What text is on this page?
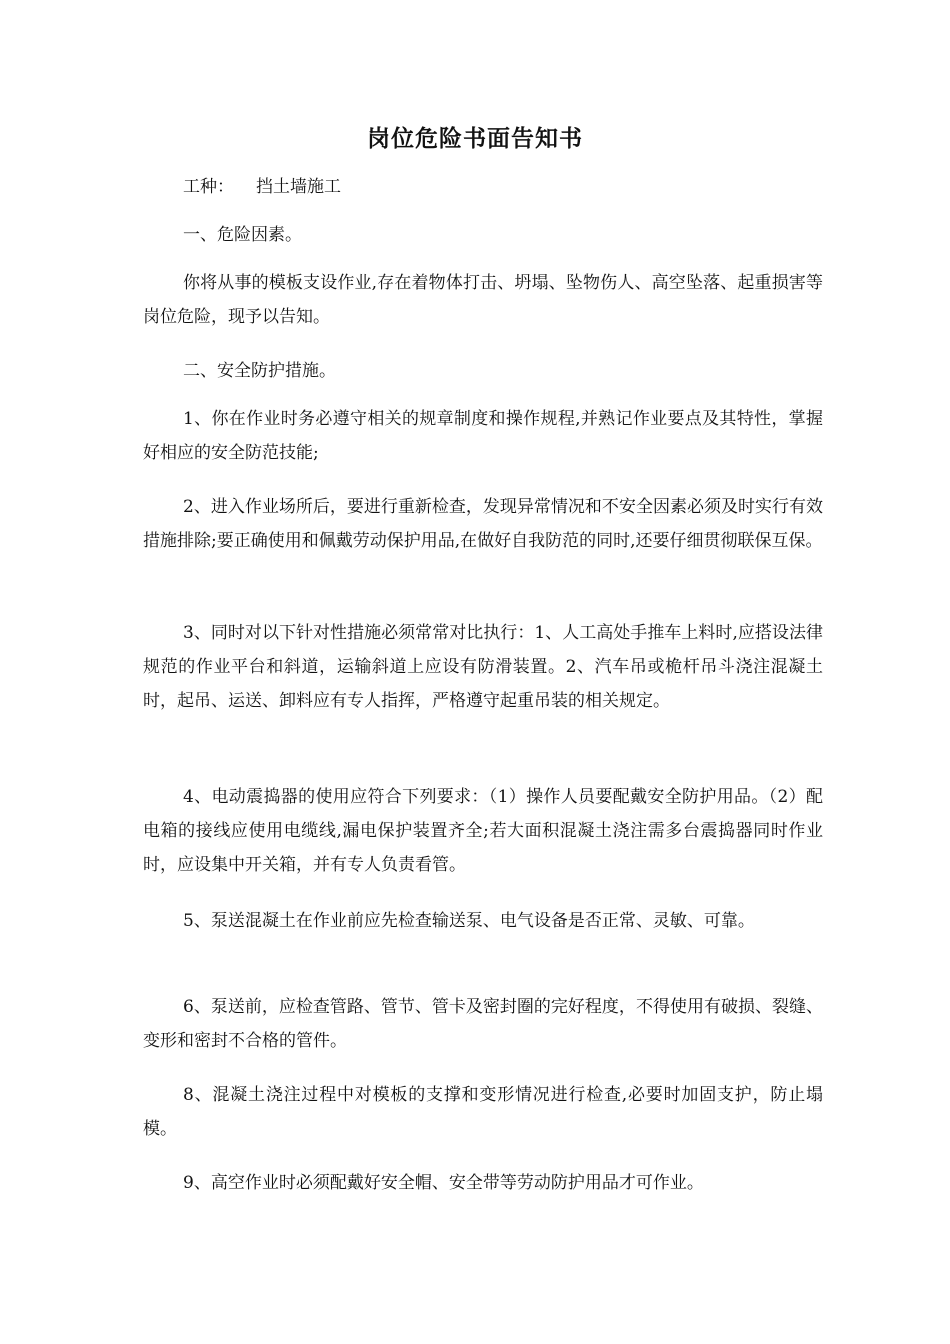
岗位危险书面告知书

工种： 挡土墙施工

一、危险因素。

你将从事的模板支设作业,存在着物体打击、坍塌、坠物伤人、高空坠落、起重损害等岗位危险，现予以告知。

二、安全防护措施。

1、你在作业时务必遵守相关的规章制度和操作规程,并熟记作业要点及其特性，掌握好相应的安全防范技能;

2、进入作业场所后，要进行重新检查，发现异常情况和不安全因素必须及时实行有效措施排除;要正确使用和佩戴劳动保护用品,在做好自我防范的同时,还要仔细贯彻联保互保。

3、同时对以下针对性措施必须常常对比执行：1、人工高处手推车上料时,应搭设法律规范的作业平台和斜道，运输斜道上应设有防滑装置。2、汽车吊或桅杆吊斗浇注混凝土时，起吊、运送、卸料应有专人指挥，严格遵守起重吊装的相关规定。

4、电动震捣器的使用应符合下列要求：（1）操作人员要配戴安全防护用品。（2）配电箱的接线应使用电缆线,漏电保护装置齐全;若大面积混凝土浇注需多台震捣器同时作业时，应设集中开关箱，并有专人负责看管。

5、泵送混凝土在作业前应先检查输送泵、电气设备是否正常、灵敏、可靠。

6、泵送前，应检查管路、管节、管卡及密封圈的完好程度，不得使用有破损、裂缝、变形和密封不合格的管件。

8、混凝土浇注过程中对模板的支撑和变形情况进行检查,必要时加固支护，防止塌模。

9、高空作业时必须配戴好安全帽、安全带等劳动防护用品才可作业。
